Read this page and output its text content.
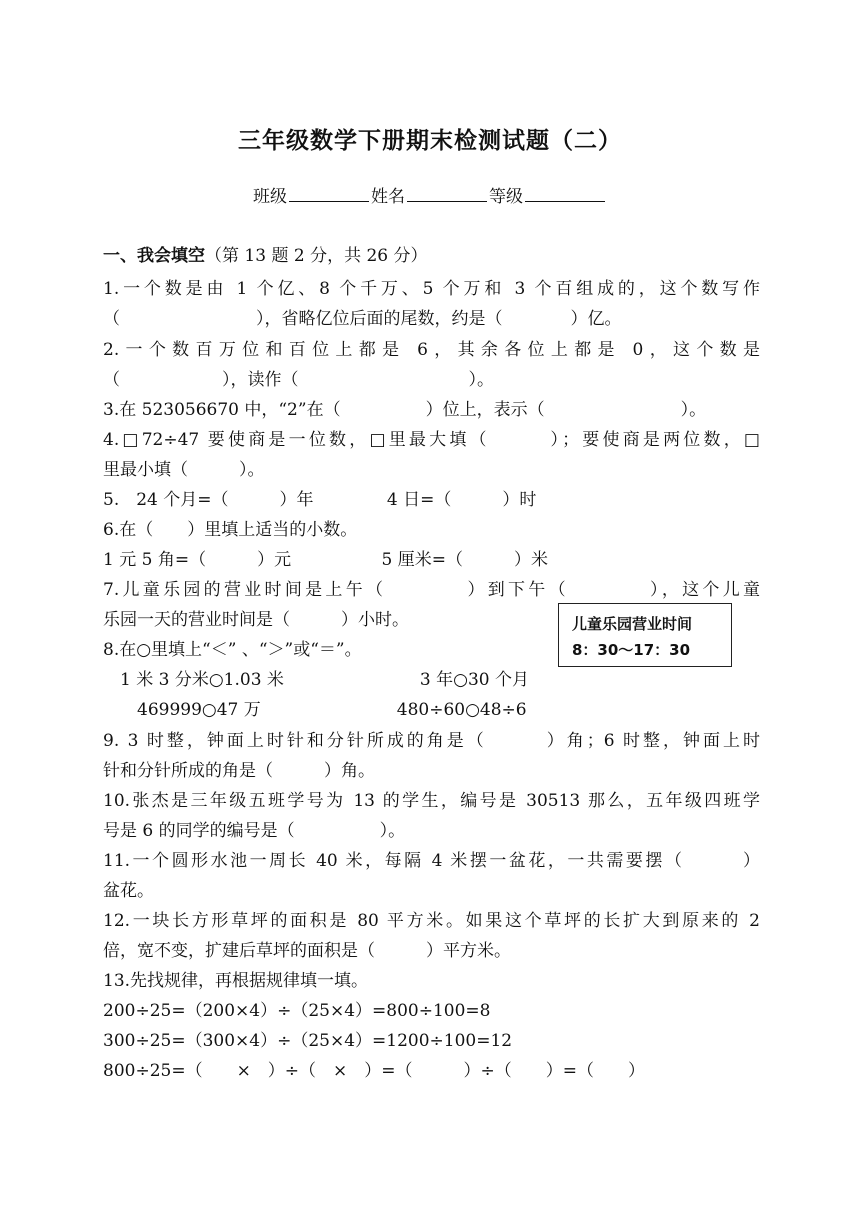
三年级数学下册期末检测试题（二）
班级	姓名	等级
一、我会填空（第 13 题 2 分，共 26 分）
1.一个数是由 1 个亿、8 个千万、5 个万和 3 个百组成的，这个数写作
（　　　　　　　　），省略亿位后面的尾数，约是（　　　　）亿。
2.一个数百万位和百位上都是 6，其余各位上都是 0，这个数是
（　　　　　　），读作（　　　　　　　　　　）。
3.在 523056670 中，“2”在（　　　　　）位上，表示（　　　　　　　　）。
4.□72÷47 要使商是一位数，□里最大填（　　　）；要使商是两位数，□
里最小填（　　　）。
5.　24 个月=（　　　）年　　　　 4 日=（　　　）时
6.在（　　）里填上适当的小数。
1 元 5 角=（　　　）元　　　　　 5 厘米=（　　　）米
7.儿童乐园的营业时间是上午（　　　　）到下午（　　　　），这个儿童
乐园一天的营业时间是（　　　）小时。
8.在○里填上“＜” 、“＞”或“＝”。
　1 米 3 分米○1.03 米　　　　　　　　3 年○30 个月
　　469999○47 万　　　　　　　　480÷60○48÷6
9. 3 时整，钟面上时针和分针所成的角是（　　　）角；6 时整，钟面上时
针和分针所成的角是（　　　）角。
10.张杰是三年级五班学号为 13 的学生，编号是 30513 那么，五年级四班学
号是 6 的同学的编号是（　　　　　）。
11.一个圆形水池一周长 40 米，每隔 4 米摆一盆花，一共需要摆（　　　）
盆花。
12.一块长方形草坪的面积是 80 平方米。如果这个草坪的长扩大到原来的 2
倍，宽不变，扩建后草坪的面积是（　　　）平方米。
13.先找规律，再根据规律填一填。
200÷25=（200×4）÷（25×4）=800÷100=8
300÷25=（300×4）÷（25×4）=1200÷100=12
800÷25=（　　×　）÷（　×　）=（　　　）÷（　　）=（　　）
儿童乐园营业时间
8：30～17：30
